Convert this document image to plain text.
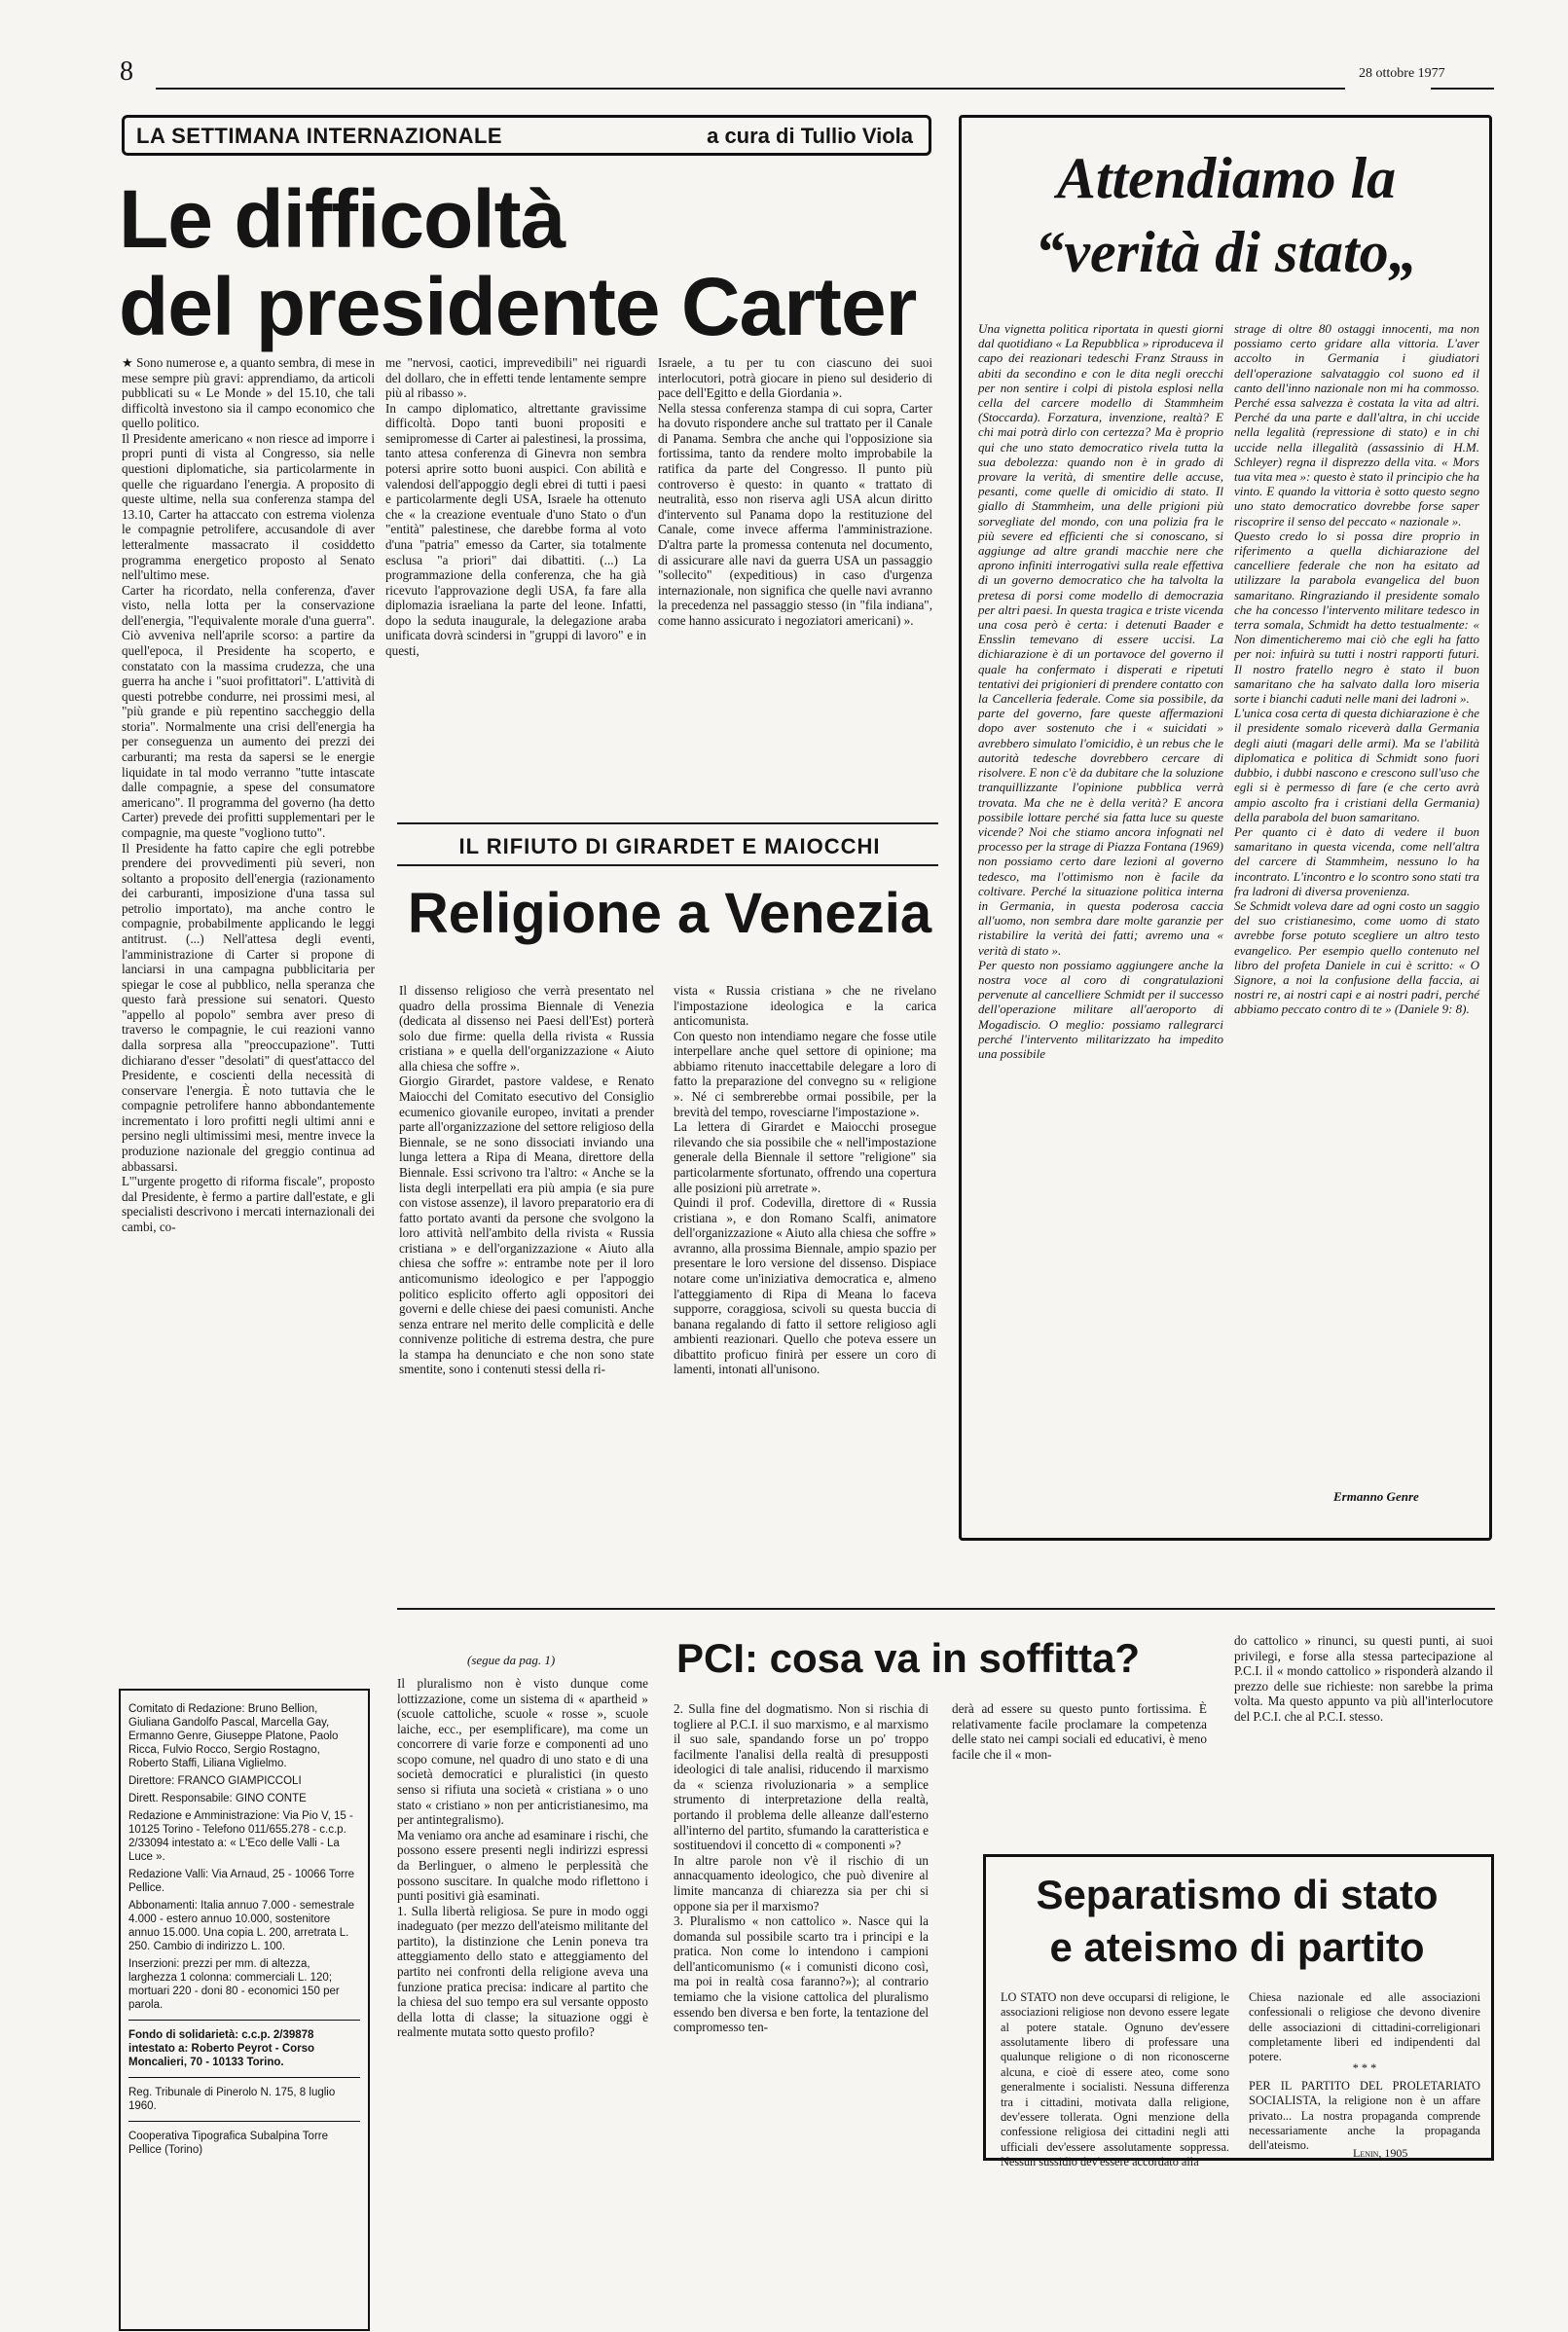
8	28 ottobre 1977
LA SETTIMANA INTERNAZIONALE	a cura di Tullio Viola
Le difficoltà
del presidente Carter
★ Sono numerose e, a quanto sembra, di mese in mese sempre più gravi: apprendiamo, da articoli pubblicati su « Le Monde » del 15.10, che tali difficoltà investono sia il campo economico che quello politico.
Il Presidente americano « non riesce ad imporre i propri punti di vista al Congresso, sia nelle questioni diplomatiche, sia particolarmente in quelle che riguardano l'energia. A proposito di queste ultime, nella sua conferenza stampa del 13.10, Carter ha attaccato con estrema violenza le compagnie petrolifere, accusandole di aver letteralmente massacrato il cosiddetto programma energetico proposto al Senato nell'ultimo mese.
Carter ha ricordato, nella conferenza, d'aver visto, nella lotta per la conservazione dell'energia, "l'equivalente morale d'una guerra". Ciò avveniva nell'aprile scorso: a partire da quell'epoca, il Presidente ha scoperto, e constatato con la massima crudezza, che una guerra ha anche i "suoi profittatori". L'attività di questi potrebbe condurre, nei prossimi mesi, al "più grande e più repentino saccheggio della storia". Normalmente una crisi dell'energia ha per conseguenza un aumento dei prezzi dei carburanti; ma resta da sapersi se le energie liquidate in tal modo verranno "tutte intascate dalle compagnie, a spese del consumatore americano". Il programma del governo (ha detto Carter) prevede dei profitti supplementari per le compagnie, ma queste "vogliono tutto".
Il Presidente ha fatto capire che egli potrebbe prendere dei provvedimenti più severi, non soltanto a proposito dell'energia (razionamento dei carburanti, imposizione d'una tassa sul petrolio importato), ma anche contro le compagnie, probabilmente applicando le leggi antitrust. (...) Nell'attesa degli eventi, l'amministrazione di Carter si propone di lanciarsi in una campagna pubblicitaria per spiegar le cose al pubblico, nella speranza che questo farà pressione sui senatori. Questo "appello al popolo" sembra aver preso di traverso le compagnie, le cui reazioni vanno dalla sorpresa alla "preoccupazione". Tutti dichiarano d'esser "desolati" di quest'attacco del Presidente, e coscienti della necessità di conservare l'energia. È noto tuttavia che le compagnie petrolifere hanno abbondantemente incrementato i loro profitti negli ultimi anni e persino negli ultimissimi mesi, mentre invece la produzione nazionale del greggio continua ad abbassarsi.
L'"urgente progetto di riforma fiscale", proposto dal Presidente, è fermo a partire dall'estate, e gli specialisti descrivono i mercati internazionali dei cambi, co-
me "nervosi, caotici, imprevedibili" nei riguardi del dollaro, che in effetti tende lentamente sempre più al ribasso ».
In campo diplomatico, altrettante gravissime difficoltà. Dopo tanti buoni propositi e semipromesse di Carter ai palestinesi, la prossima, tanto attesa conferenza di Ginevra non sembra potersi aprire sotto buoni auspici. Con abilità e valendosi dell'appoggio degli ebrei di tutti i paesi e particolarmente degli USA, Israele ha ottenuto che « la creazione eventuale d'uno Stato o d'un "entità" palestinese, che darebbe forma al voto d'una "patria" emesso da Carter, sia totalmente esclusa "a priori" dai dibattiti. (...) La programmazione della conferenza, che ha già ricevuto l'approvazione degli USA, fa fare alla diplomazia israeliana la parte del leone. Infatti, dopo la seduta inaugurale, la delegazione araba unificata dovrà scindersi in "gruppi di lavoro" e in questi,
Israele, a tu per tu con ciascuno dei suoi interlocutori, potrà giocare in pieno sul desiderio di pace dell'Egitto e della Giordania ».
Nella stessa conferenza stampa di cui sopra, Carter ha dovuto rispondere anche sul trattato per il Canale di Panama. Sembra che anche qui l'opposizione sia fortissima, tanto da rendere molto improbabile la ratifica da parte del Congresso. Il punto più controverso è questo: in quanto « trattato di neutralità, esso non riserva agli USA alcun diritto d'intervento sul Panama dopo la restituzione del Canale, come invece afferma l'amministrazione. D'altra parte la promessa contenuta nel documento, di assicurare alle navi da guerra USA un passaggio "sollecito" (expeditious) in caso d'urgenza internazionale, non significa che quelle navi avranno la precedenza nel passaggio stesso (in "fila indiana", come hanno assicurato i negoziatori americani) ».
IL RIFIUTO DI GIRARDET E MAIOCCHI
Religione a Venezia
Il dissenso religioso che verrà presentato nel quadro della prossima Biennale di Venezia (dedicata al dissenso nei Paesi dell'Est) porterà solo due firme: quella della rivista « Russia cristiana » e quella dell'organizzazione « Aiuto alla chiesa che soffre ».
Giorgio Girardet, pastore valdese, e Renato Maiocchi del Comitato esecutivo del Consiglio ecumenico giovanile europeo, invitati a prender parte all'organizzazione del settore religioso della Biennale, se ne sono dissociati inviando una lunga lettera a Ripa di Meana, direttore della Biennale. Essi scrivono tra l'altro: « Anche se la lista degli interpellati era più ampia (e sia pure con vistose assenze), il lavoro preparatorio era di fatto portato avanti da persone che svolgono la loro attività nell'ambito della rivista « Russia cristiana » e dell'organizzazione « Aiuto alla chiesa che soffre »: entrambe note per il loro anticomunismo ideologico e per l'appoggio politico esplicito offerto agli oppositori dei governi e delle chiese dei paesi comunisti. Anche senza entrare nel merito delle complicità e delle connivenze politiche di estrema destra, che pure la stampa ha denunciato e che non sono state smentite, sono i contenuti stessi della ri-
vista « Russia cristiana » che ne rivelano l'impostazione ideologica e la carica anticomunista.
Con questo non intendiamo negare che fosse utile interpellare anche quel settore di opinione; ma abbiamo ritenuto inaccettabile delegare a loro di fatto la preparazione del convegno su « religione ». Né ci sembrerebbe ormai possibile, per la brevità del tempo, rovesciarne l'impostazione ».
La lettera di Girardet e Maiocchi prosegue rilevando che sia possibile che « nell'impostazione generale della Biennale il settore "religione" sia particolarmente sfortunato, offrendo una copertura alle posizioni più arretrate ».
Quindi il prof. Codevilla, direttore di « Russia cristiana », e don Romano Scalfi, animatore dell'organizzazione « Aiuto alla chiesa che soffre » avranno, alla prossima Biennale, ampio spazio per presentare le loro versione del dissenso. Dispiace notare come un'iniziativa democratica e, almeno l'atteggiamento di Ripa di Meana lo faceva supporre, coraggiosa, scivoli su questa buccia di banana regalando di fatto il settore religioso agli ambienti reazionari. Quello che poteva essere un dibattito proficuo finirà per essere un coro di lamenti, intonati all'unisono.
Attendiamo la
“verità di stato„
Una vignetta politica riportata in questi giorni dal quotidiano « La Repubblica » riproduceva il capo dei reazionari tedeschi Franz Strauss in abiti da secondino e con le dita negli orecchi per non sentire i colpi di pistola esplosi nella cella del carcere modello di Stammheim (Stoccarda). Forzatura, invenzione, realtà? E chi mai potrà dirlo con certezza? Ma è proprio qui che uno stato democratico rivela tutta la sua debolezza: quando non è in grado di provare la verità, di smentire delle accuse, pesanti, come quelle di omicidio di stato. Il giallo di Stammheim, una delle prigioni più sorvegliate del mondo, con una polizia fra le più severe ed efficienti che si conoscano, si aggiunge ad altre grandi macchie nere che aprono infiniti interrogativi sulla reale effettiva di un governo democratico che ha talvolta la pretesa di porsi come modello di democrazia per altri paesi. In questa tragica e triste vicenda una cosa però è certa: i detenuti Baader e Ensslin temevano di essere uccisi. La dichiarazione è di un portavoce del governo il quale ha confermato i disperati e ripetuti tentativi dei prigionieri di prendere contatto con la Cancelleria federale. Come sia possibile, da parte del governo, fare queste affermazioni dopo aver sostenuto che i « suicidati » avrebbero simulato l'omicidio, è un rebus che le autorità tedesche dovrebbero cercare di risolvere. E non c'è da dubitare che la soluzione tranquillizzante l'opinione pubblica verrà trovata. Ma che ne è della verità? E ancora possibile lottare perché sia fatta luce su queste vicende? Noi che stiamo ancora infognati nel processo per la strage di Piazza Fontana (1969) non possiamo certo dare lezioni al governo tedesco, ma l'ottimismo non è facile da coltivare. Perché la situazione politica interna in Germania, in questa poderosa caccia all'uomo, non sembra dare molte garanzie per ristabilire la verità dei fatti; avremo una « verità di stato ».
Per questo non possiamo aggiungere anche la nostra voce al coro di congratulazioni pervenute al cancelliere Schmidt per il successo dell'operazione militare all'aeroporto di Mogadiscio. O meglio: possiamo rallegrarci perché l'intervento militarizzato ha impedito una possibile
strage di oltre 80 ostaggi innocenti, ma non possiamo certo gridare alla vittoria. L'aver accolto in Germania i giudiatori dell'operazione salvataggio col suono ed il canto dell'inno nazionale non mi ha commosso. Perché essa salvezza è costata la vita ad altri. Perché da una parte e dall'altra, in chi uccide nella legalità (repressione di stato) e in chi uccide nella illegalità (assassinio di H.M. Schleyer) regna il disprezzo della vita. « Mors tua vita mea »: questo è stato il principio che ha vinto. E quando la vittoria è sotto questo segno uno stato democratico dovrebbe forse saper riscoprire il senso del peccato « nazionale ».
Questo credo lo si possa dire proprio in riferimento a quella dichiarazione del cancelliere federale che non ha esitato ad utilizzare la parabola evangelica del buon samaritano. Ringraziando il presidente somalo che ha concesso l'intervento militare tedesco in terra somala, Schmidt ha detto testualmente: « Non dimenticheremo mai ciò che egli ha fatto per noi: infuirà su tutti i nostri rapporti futuri. Il nostro fratello negro è stato il buon samaritano che ha salvato dalla loro miseria sorte i bianchi caduti nelle mani dei ladroni ».
L'unica cosa certa di questa dichiarazione è che il presidente somalo riceverà dalla Germania degli aiuti (magari delle armi). Ma se l'abilità diplomatica e politica di Schmidt sono fuori dubbio, i dubbi nascono e crescono sull'uso che egli si è permesso di fare (e che certo avrà ampio ascolto fra i cristiani della Germania) della parabola del buon samaritano.
Per quanto ci è dato di vedere il buon samaritano in questa vicenda, come nell'altra del carcere di Stammheim, nessuno lo ha incontrato. L'incontro e lo scontro sono stati tra fra ladroni di diversa provenienza.
Se Schmidt voleva dare ad ogni costo un saggio del suo cristianesimo, come uomo di stato avrebbe forse potuto scegliere un altro testo evangelico. Per esempio quello contenuto nel libro del profeta Daniele in cui è scritto: « O Signore, a noi la confusione della faccia, ai nostri re, ai nostri capi e ai nostri padri, perché abbiamo peccato contro di te » (Daniele 9: 8).
Ermanno Genre
Comitato di Redazione: Bruno Bellion, Giuliana Gandolfo Pascal, Marcella Gay, Ermanno Genre, Giuseppe Platone, Paolo Ricca, Fulvio Rocco, Sergio Rostagno, Roberto Staffi, Liliana Viglielmo.
Direttore: FRANCO GIAMPICCOLI
Dirett. Responsabile: GINO CONTE
Redazione e Amministrazione: Via Pio V, 15 - 10125 Torino - Telefono 011/655.278 - c.c.p. 2/33094 intestato a: « L'Eco delle Valli - La Luce ».
Redazione Valli: Via Arnaud, 25 - 10066 Torre Pellice.
Abbonamenti: Italia annuo 7.000 - semestrale 4.000 - estero annuo 10.000, sostenitore annuo 15.000. Una copia L. 200, arretrata L. 250. Cambio di indirizzo L. 100.
Inserzioni: prezzi per mm. di altezza, larghezza 1 colonna: commerciali L. 120; mortuari 220 - doni 80 - economici 150 per parola.
Fondo di solidarietà: c.c.p. 2/39878 intestato a: Roberto Peyrot - Corso Moncalieri, 70 - 10133 Torino.
Reg. Tribunale di Pinerolo N. 175, 8 luglio 1960.
Cooperativa Tipografica Subalpina Torre Pellice (Torino)
(segue da pag. 1)	PCI: cosa va in soffitta?
Il pluralismo non è visto dunque come lottizzazione, come un sistema di « apartheid » (scuole cattoliche, scuole « rosse », scuole laiche, ecc., per esemplificare), ma come un concorrere di varie forze e componenti ad uno scopo comune, nel quadro di uno stato e di una società democratici e pluralistici (in questo senso si rifiuta una società « cristiana » o uno stato « cristiano » non per anticristianesimo, ma per antintegralismo).
Ma veniamo ora anche ad esaminare i rischi, che possono essere presenti negli indirizzi espressi da Berlinguer, o almeno le perplessità che possono suscitare. In qualche modo riflettono i punti positivi già esaminati.
1. Sulla libertà religiosa. Se pure in modo oggi inadeguato (per mezzo dell'ateismo militante del partito), la distinzione che Lenin poneva tra atteggiamento dello stato e atteggiamento del partito nei confronti della religione aveva una funzione pratica precisa: indicare al partito che la chiesa del suo tempo era sul versante opposto della lotta di classe; la situazione oggi è realmente mutata sotto questo profilo?
2. Sulla fine del dogmatismo. Non si rischia di togliere al P.C.I. il suo marxismo, e al marxismo il suo sale, spandando forse un po' troppo facilmente l'analisi della realtà di presupposti ideologici di tale analisi, riducendo il marxismo da « scienza rivoluzionaria » a semplice strumento di interpretazione della realtà, portando il problema delle alleanze dall'esterno all'interno del partito, sfumando la caratteristica e sostituendovi il concetto di « componenti »?
In altre parole non v'è il rischio di un annacquamento ideologico, che può divenire al limite mancanza di chiarezza sia per chi si oppone sia per il marxismo?
3. Pluralismo « non cattolico ». Nasce qui la domanda sul possibile scarto tra i principi e la pratica. Non come lo intendono i campioni dell'anticomunismo (« i comunisti dicono così, ma poi in realtà cosa faranno?»); al contrario temiamo che la visione cattolica del pluralismo essendo ben diversa e ben forte, la tentazione del compromesso ten-
derà ad essere su questo punto fortissima. È relativamente facile proclamare la competenza delle stato nei campi sociali ed educativi, è meno facile che il « mon-
do cattolico » rinunci, su questi punti, ai suoi privilegi, e forse alla stessa partecipazione al P.C.I. il « mondo cattolico » risponderà alzando il prezzo delle sue richieste: non sarebbe la prima volta. Ma questo appunto va più all'interlocutore del P.C.I. che al P.C.I. stesso.
Separatismo di stato
e ateismo di partito
LO STATO non deve occuparsi di religione, le associazioni religiose non devono essere legate al potere statale. Ognuno dev'essere assolutamente libero di professare una qualunque religione o di non riconoscerne alcuna, e cioè di essere ateo, come sono generalmente i socialisti. Nessuna differenza tra i cittadini, motivata dalla religione, dev'essere tollerata. Ogni menzione della confessione religiosa dei cittadini negli atti ufficiali dev'essere assolutamente soppressa. Nessun sussidio dev'essere accordato alla
Chiesa nazionale ed alle associazioni confessionali o religiose che devono divenire delle associazioni di cittadini-correligionari completamente liberi ed indipendenti dal potere.
* * *
PER IL PARTITO DEL PROLETARIATO SOCIALISTA, la religione non è un affare privato... La nostra propaganda comprende necessariamente anche la propaganda dell'ateismo.
Lenin, 1905
